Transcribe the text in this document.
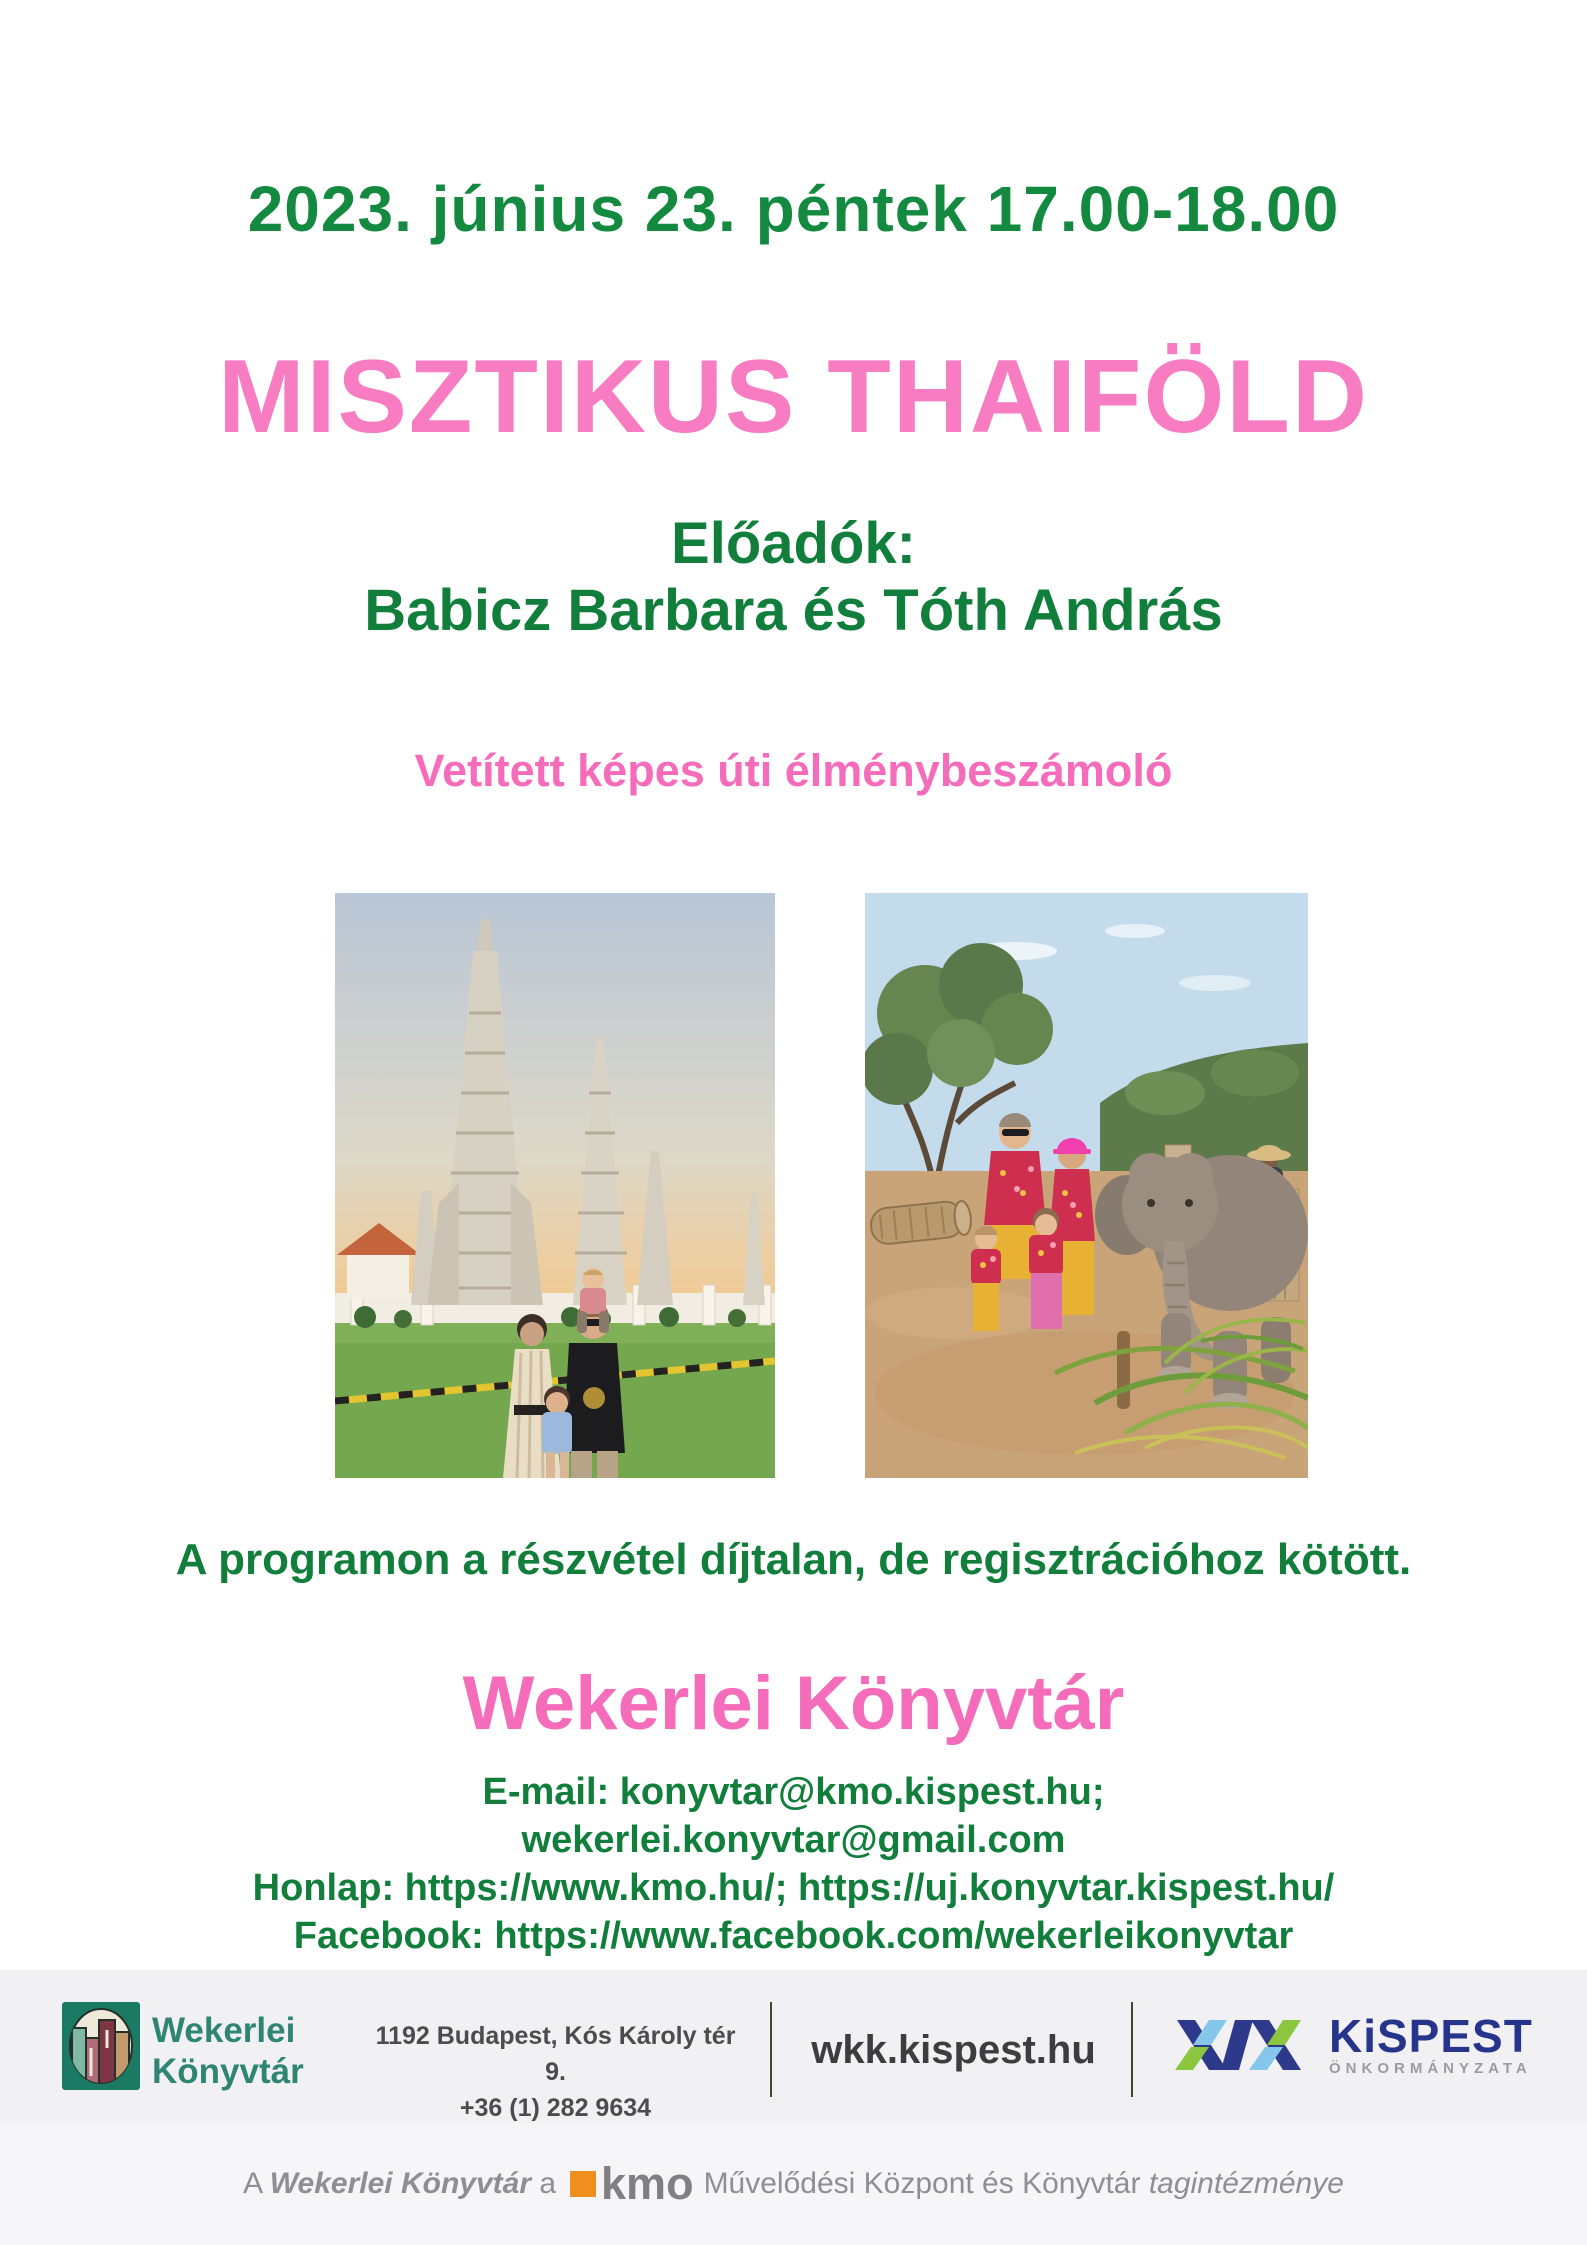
2023. június 23. péntek 17.00-18.00
MISZTIKUS THAIFÖLD
Előadók:
Babicz Barbara és Tóth András
Vetített képes úti élménybeszámoló
A programon a részvétel díjtalan, de regisztrációhoz kötött.
Wekerlei Könyvtár
E-mail: konyvtar@kmo.kispest.hu;
wekerlei.konyvtar@gmail.com
Honlap: https://www.kmo.hu/; https://uj.konyvtar.kispest.hu/
Facebook: https://www.facebook.com/wekerleikonyvtar
Wekerlei
Könyvtár
1192 Budapest, Kós Károly tér 9.
+36 (1) 282 9634
wkk.kispest.hu	KiSPEST
ÖNKORMÁNYZATA
A Wekerlei Könyvtár a kmo Művelődési Központ és Könyvtár tagintézménye
